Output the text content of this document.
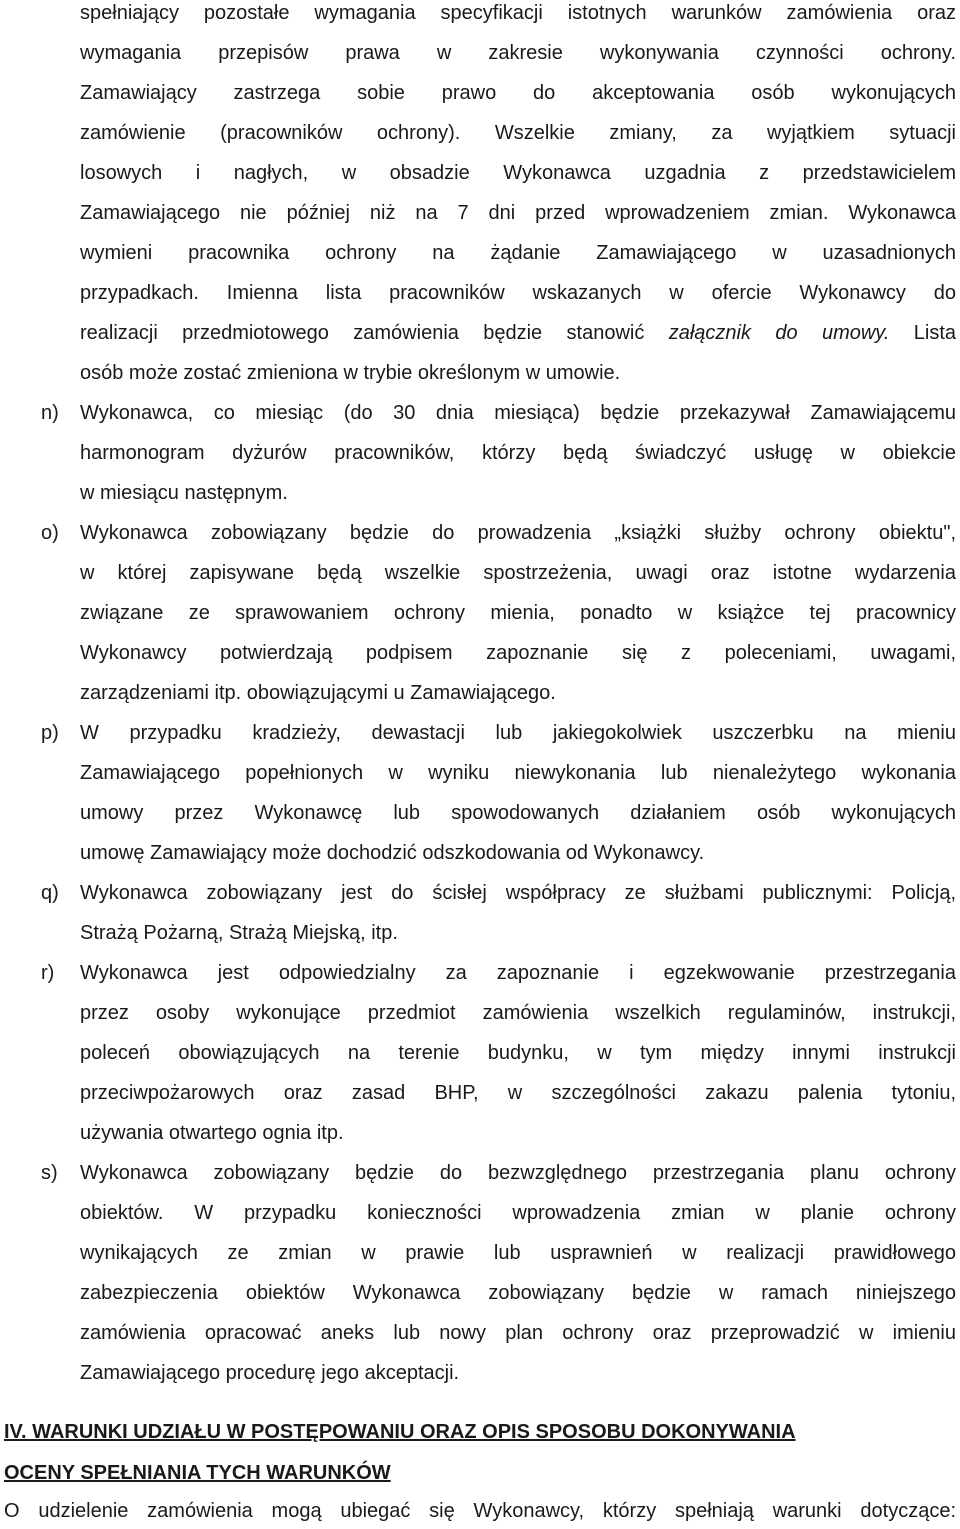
spełniający pozostałe wymagania specyfikacji istotnych warunków zamówienia oraz
wymagania przepisów prawa w zakresie wykonywania czynności ochrony.
Zamawiający zastrzega sobie prawo do akceptowania osób wykonujących
zamówienie (pracowników ochrony). Wszelkie zmiany, za wyjątkiem sytuacji
losowych i nagłych, w obsadzie Wykonawca uzgadnia z przedstawicielem
Zamawiającego nie później niż na 7 dni przed wprowadzeniem zmian. Wykonawca
wymieni pracownika ochrony na żądanie Zamawiającego w uzasadnionych
przypadkach. Imienna lista pracowników wskazanych w ofercie Wykonawcy do
realizacji przedmiotowego zamówienia będzie stanowić załącznik do umowy. Lista
osób może zostać zmieniona w trybie określonym w umowie.
n) Wykonawca, co miesiąc (do 30 dnia miesiąca) będzie przekazywał Zamawiającemu
harmonogram dyżurów pracowników, którzy będą świadczyć usługę w obiekcie
w miesiącu następnym.
o) Wykonawca zobowiązany będzie do prowadzenia „książki służby ochrony obiektu",
w której zapisywane będą wszelkie spostrzeżenia, uwagi oraz istotne wydarzenia
związane ze sprawowaniem ochrony mienia, ponadto w książce tej pracownicy
Wykonawcy potwierdzają podpisem zapoznanie się z poleceniami, uwagami,
zarządzeniami itp. obowiązującymi u Zamawiającego.
p) W przypadku kradzieży, dewastacji lub jakiegokolwiek uszczerbku na mieniu
Zamawiającego popełnionych w wyniku niewykonania lub nienależytego wykonania
umowy przez Wykonawcę lub spowodowanych działaniem osób wykonujących
umowę Zamawiający może dochodzić odszkodowania od Wykonawcy.
q) Wykonawca zobowiązany jest do ścisłej współpracy ze służbami publicznymi: Policją,
Strażą Pożarną, Strażą Miejską, itp.
r) Wykonawca jest odpowiedzialny za zapoznanie i egzekwowanie przestrzegania
przez osoby wykonujące przedmiot zamówienia wszelkich regulaminów, instrukcji,
poleceń obowiązujących na terenie budynku, w tym między innymi instrukcji
przeciwpożarowych oraz zasad BHP, w szczególności zakazu palenia tytoniu,
używania otwartego ognia itp.
s) Wykonawca zobowiązany będzie do bezwzględnego przestrzegania planu ochrony
obiektów. W przypadku konieczności wprowadzenia zmian w planie ochrony
wynikających ze zmian w prawie lub usprawnień w realizacji prawidłowego
zabezpieczenia obiektów Wykonawca zobowiązany będzie w ramach niniejszego
zamówienia opracować aneks lub nowy plan ochrony oraz przeprowadzić w imieniu
Zamawiającego procedurę jego akceptacji.
IV. WARUNKI UDZIAŁU W POSTĘPOWANIU ORAZ OPIS SPOSOBU DOKONYWANIA
OCENY SPEŁNIANIA TYCH WARUNKÓW
O udzielenie zamówienia mogą ubiegać się Wykonawcy, którzy spełniają warunki dotyczące:
